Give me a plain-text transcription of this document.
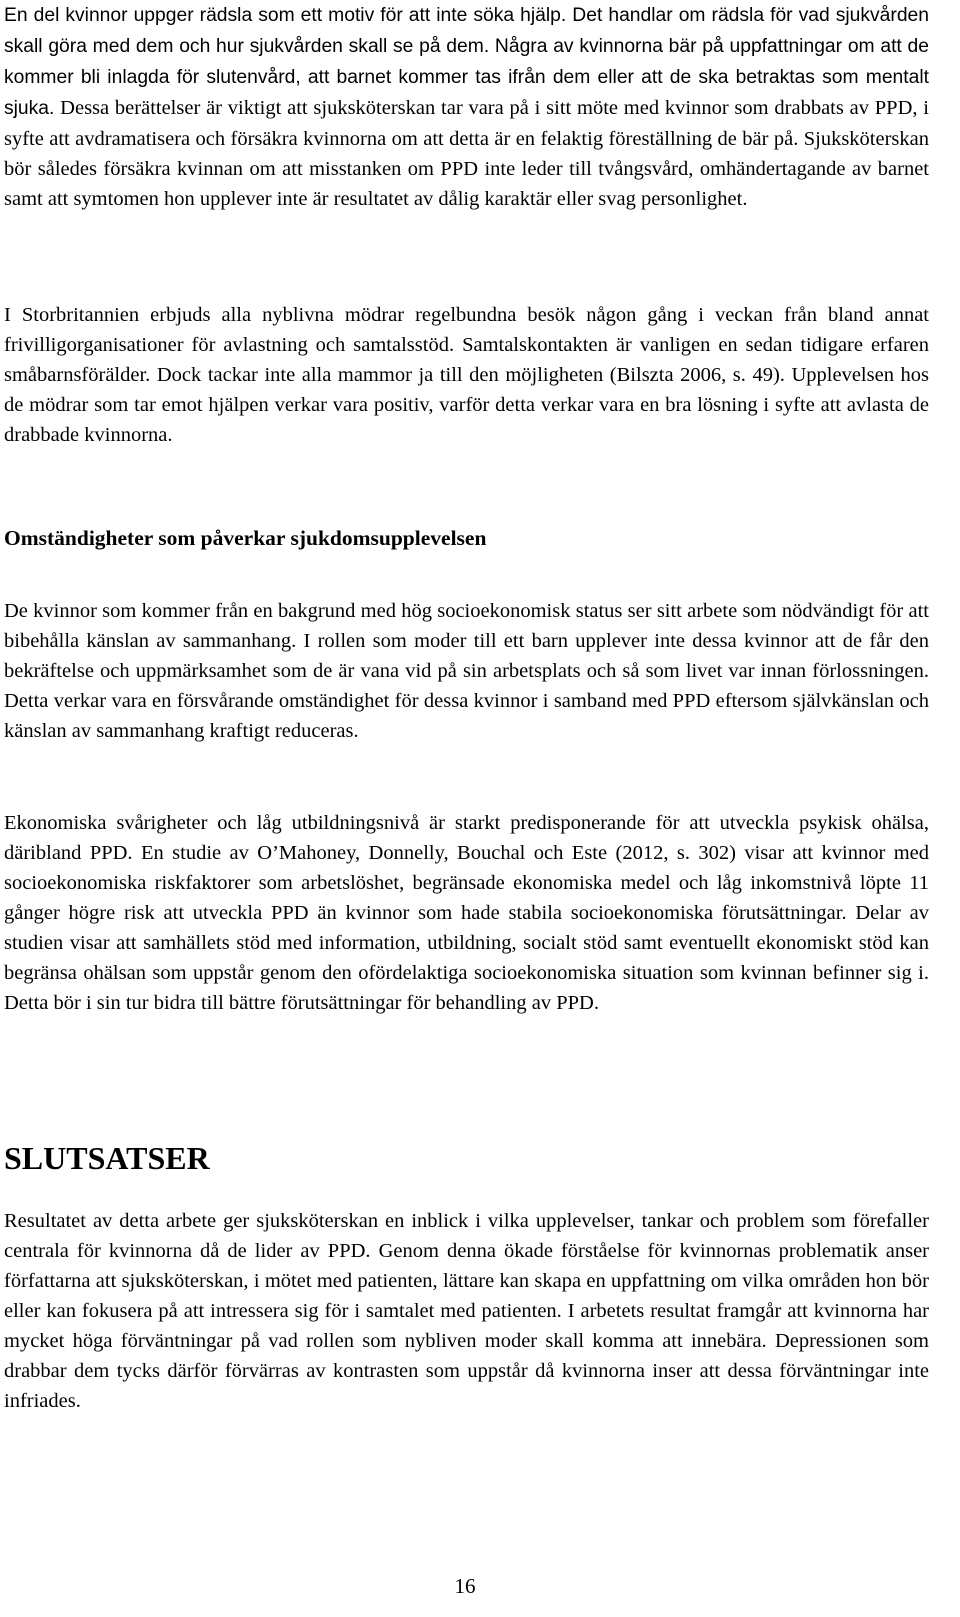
En del kvinnor uppger rädsla som ett motiv för att inte söka hjälp. Det handlar om rädsla för vad sjukvården skall göra med dem och hur sjukvården skall se på dem. Några av kvinnorna bär på uppfattningar om att de kommer bli inlagda för slutenvård, att barnet kommer tas ifrån dem eller att de ska betraktas som mentalt sjuka. Dessa berättelser är viktigt att sjuksköterskan tar vara på i sitt möte med kvinnor som drabbats av PPD, i syfte att avdramatisera och försäkra kvinnorna om att detta är en felaktig föreställning de bär på. Sjuksköterskan bör således försäkra kvinnan om att misstanken om PPD inte leder till tvångsvård, omhändertagande av barnet samt att symtomen hon upplever inte är resultatet av dålig karaktär eller svag personlighet.

I Storbritannien erbjuds alla nyblivna mödrar regelbundna besök någon gång i veckan från bland annat frivilligorganisationer för avlastning och samtalsstöd. Samtalskontakten är vanligen en sedan tidigare erfaren småbarnsförälder. Dock tackar inte alla mammor ja till den möjligheten (Bilszta 2006, s. 49). Upplevelsen hos de mödrar som tar emot hjälpen verkar vara positiv, varför detta verkar vara en bra lösning i syfte att avlasta de drabbade kvinnorna.

Omständigheter som påverkar sjukdomsupplevelsen

De kvinnor som kommer från en bakgrund med hög socioekonomisk status ser sitt arbete som nödvändigt för att bibehålla känslan av sammanhang. I rollen som moder till ett barn upplever inte dessa kvinnor att de får den bekräftelse och uppmärksamhet som de är vana vid på sin arbetsplats och så som livet var innan förlossningen. Detta verkar vara en försvårande omständighet för dessa kvinnor i samband med PPD eftersom självkänslan och känslan av sammanhang kraftigt reduceras.

Ekonomiska svårigheter och låg utbildningsnivå är starkt predisponerande för att utveckla psykisk ohälsa, däribland PPD. En studie av O’Mahoney, Donnelly, Bouchal och Este (2012, s. 302) visar att kvinnor med socioekonomiska riskfaktorer som arbetslöshet, begränsade ekonomiska medel och låg inkomstnivå löpte 11 gånger högre risk att utveckla PPD än kvinnor som hade stabila socioekonomiska förutsättningar. Delar av studien visar att samhällets stöd med information, utbildning, socialt stöd samt eventuellt ekonomiskt stöd kan begränsa ohälsan som uppstår genom den ofördelaktiga socioekonomiska situation som kvinnan befinner sig i. Detta bör i sin tur bidra till bättre förutsättningar för behandling av PPD.

SLUTSATSER

Resultatet av detta arbete ger sjuksköterskan en inblick i vilka upplevelser, tankar och problem som förefaller centrala för kvinnorna då de lider av PPD. Genom denna ökade förståelse för kvinnornas problematik anser författarna att sjuksköterskan, i mötet med patienten, lättare kan skapa en uppfattning om vilka områden hon bör eller kan fokusera på att intressera sig för i samtalet med patienten. I arbetets resultat framgår att kvinnorna har mycket höga förväntningar på vad rollen som nybliven moder skall komma att innebära. Depressionen som drabbar dem tycks därför förvärras av kontrasten som uppstår då kvinnorna inser att dessa förväntningar inte infriades.

16
